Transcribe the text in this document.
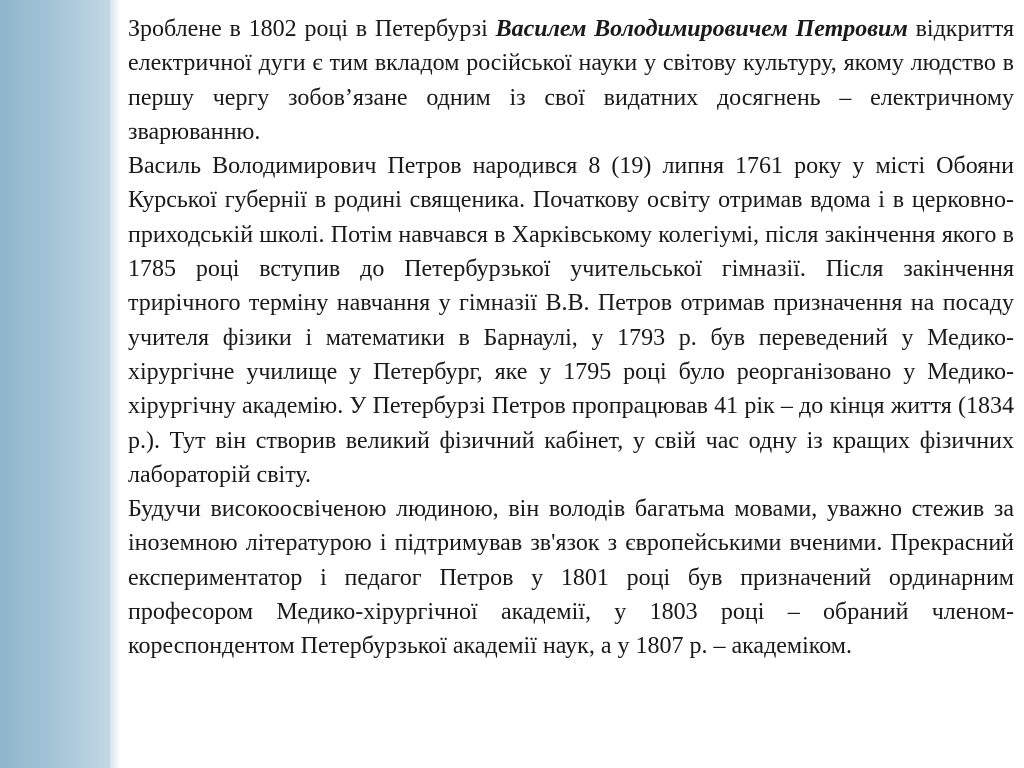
Зроблене в 1802 році в Петербурзі Василем Володимировичем Петровим відкриття електричної дуги є тим вкладом російської науки у світову культуру, якому людство в першу чергу зобов’язане одним із свої видатних досягнень – електричному зварюванню.

Василь Володимирович Петров народився 8 (19) липня 1761 року у місті Обояни Курської губернії в родині священика. Початкову освіту отримав вдома і в церковно-приходській школі. Потім навчався в Харківському колегіумі, після закінчення якого в 1785 році вступив до Петербурзької учительської гімназії. Після закінчення трирічного терміну навчання у гімназії В.В. Петров отримав призначення на посаду учителя фізики і математики в Барнаулі, у 1793 р. був переведений у Медико-хірургічне училище у Петербург, яке у 1795 році було реорганізовано у Медико-хірургічну академію. У Петербурзі Петров пропрацював 41 рік – до кінця життя (1834 р.). Тут він створив великий фізичний кабінет, у свій час одну із кращих фізичних лабораторій світу.

Будучи високоосвіченою людиною, він володів багатьма мовами, уважно стежив за іноземною літературою і підтримував зв'язок з європейськими вченими. Прекрасний експериментатор і педагог Петров у 1801 році був призначений ординарним професором Медико-хірургічної академії, у 1803 році – обраний членом-кореспондентом Петербурзької академії наук, а у 1807 р. – академіком.
